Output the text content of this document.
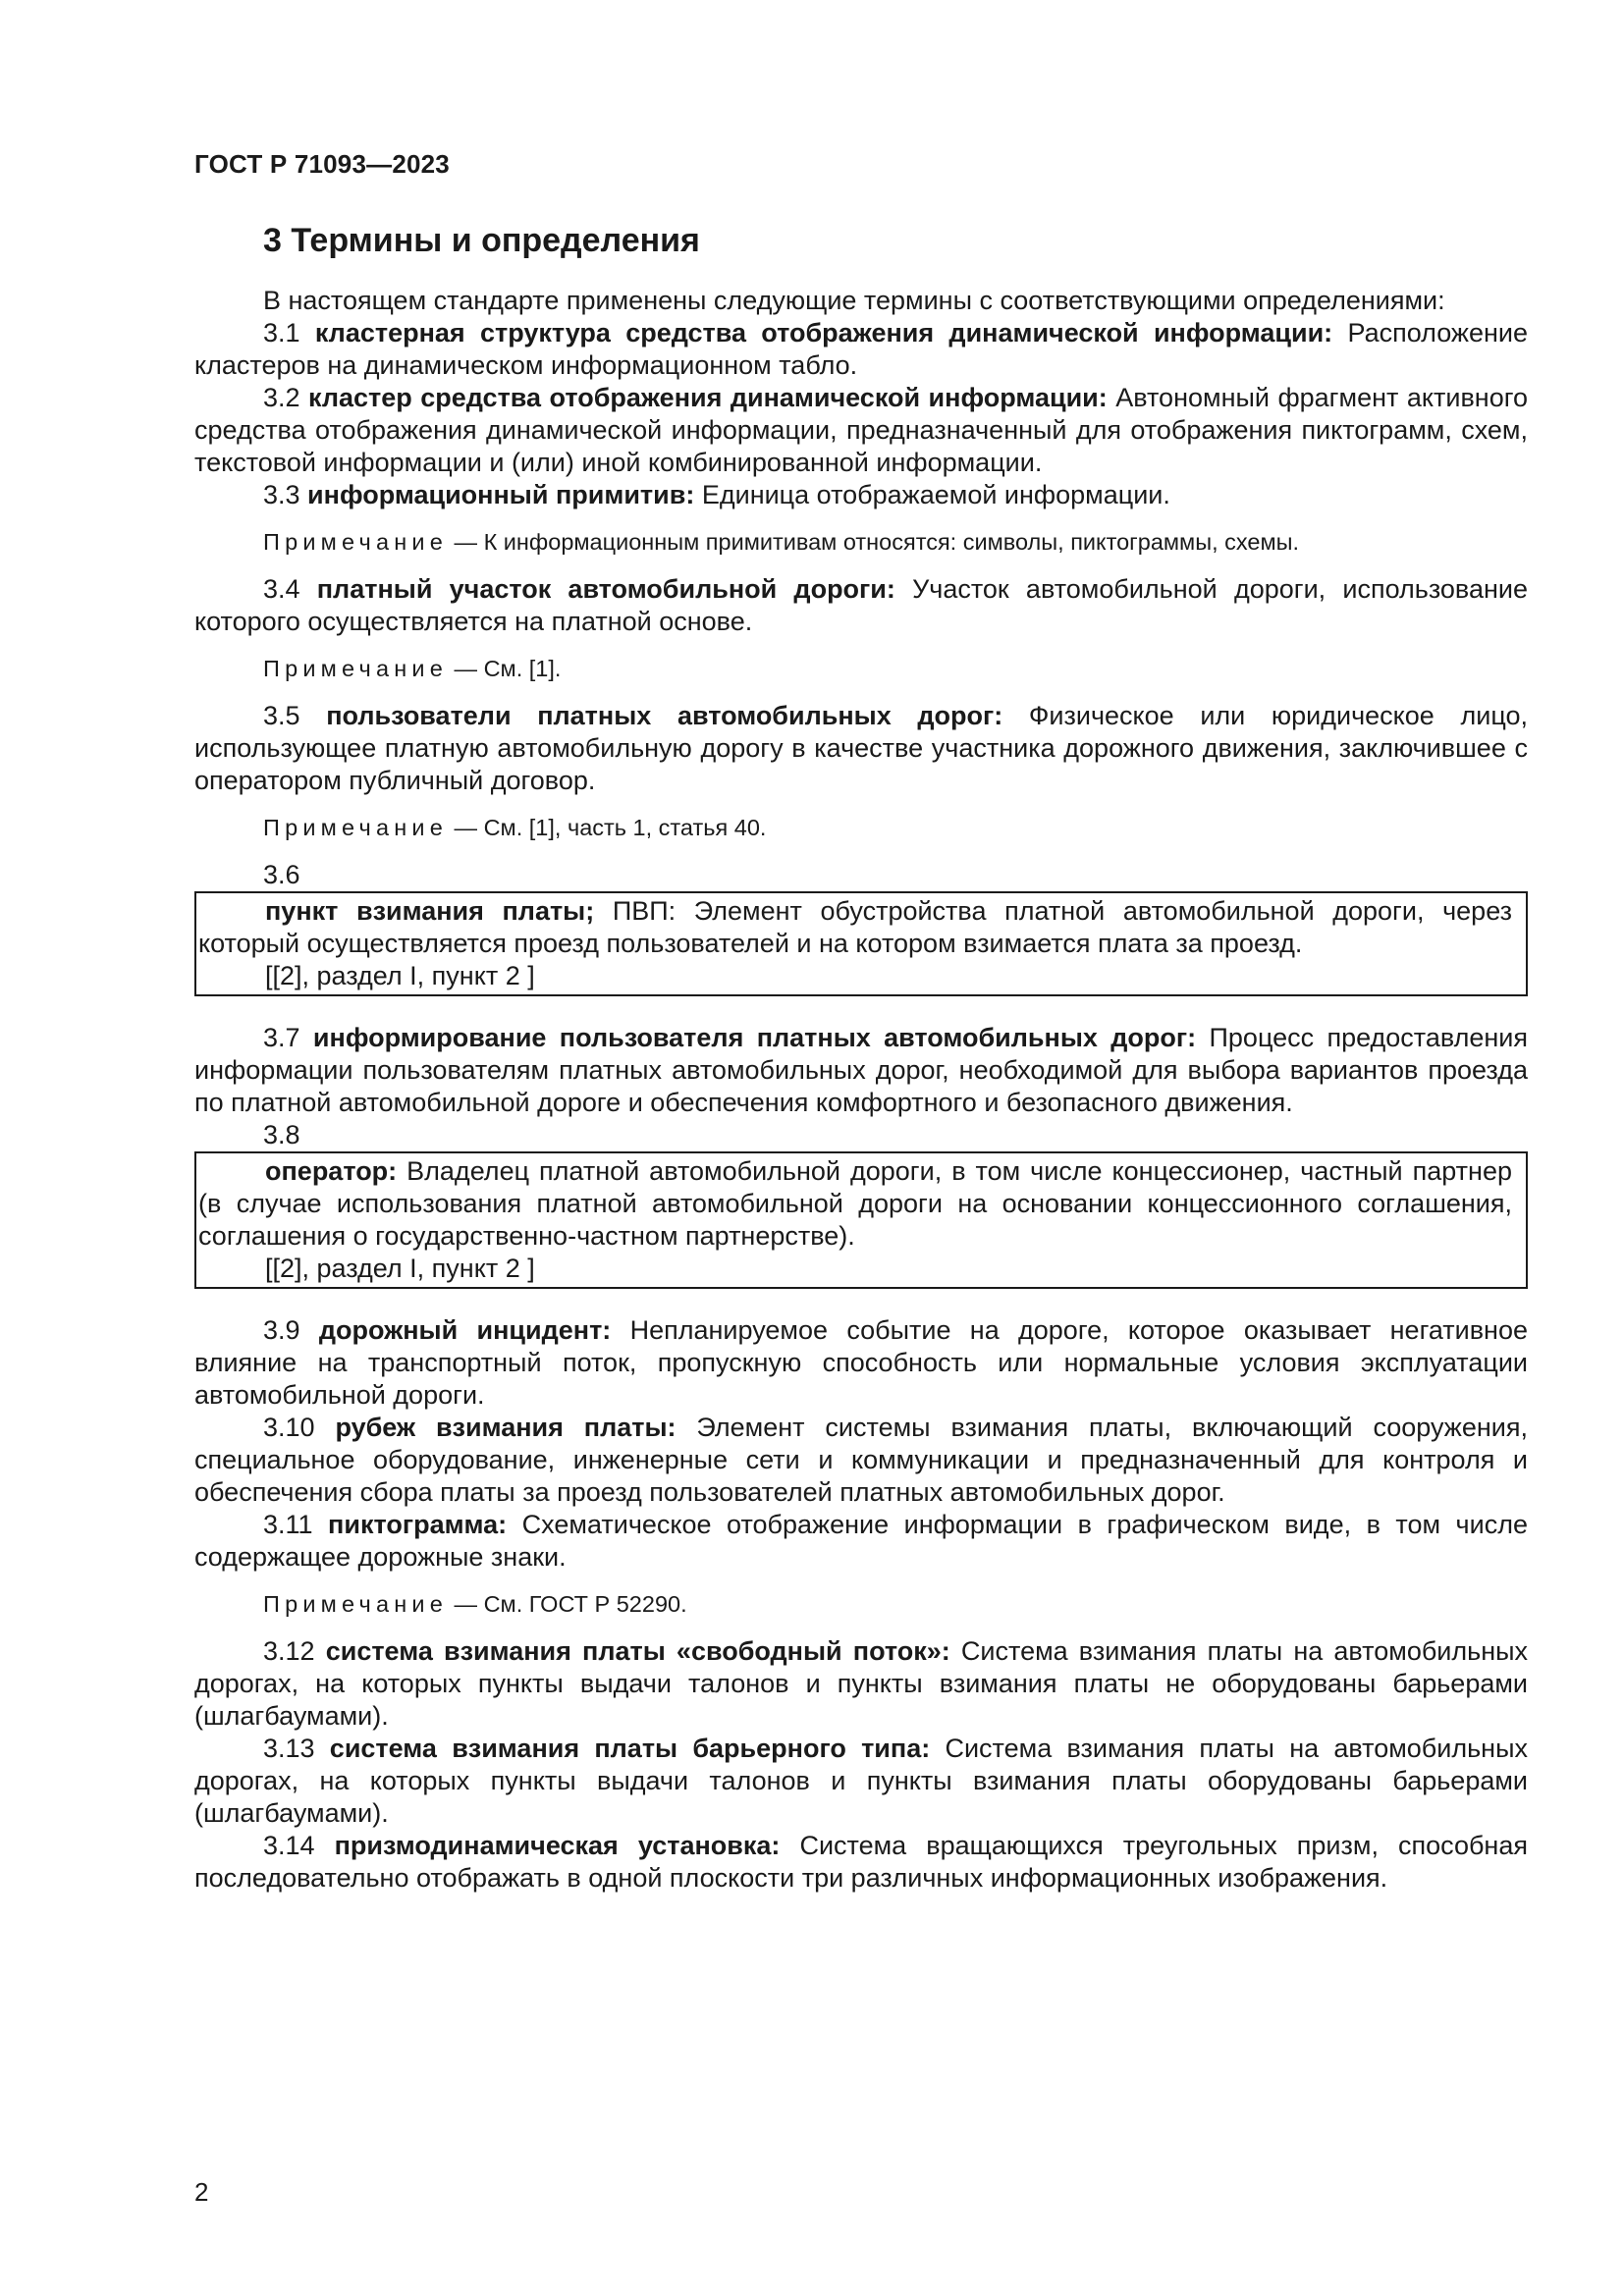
ГОСТ Р 71093—2023
3 Термины и определения

В настоящем стандарте применены следующие термины с соответствующими определениями:

3.1 кластерная структура средства отображения динамической информации: Расположение кластеров на динамическом информационном табло.

3.2 кластер средства отображения динамической информации: Автономный фрагмент активного средства отображения динамической информации, предназначенный для отображения пиктограмм, схем, текстовой информации и (или) иной комбинированной информации.

3.3 информационный примитив: Единица отображаемой информации.

Примечание — К информационным примитивам относятся: символы, пиктограммы, схемы.

3.4 платный участок автомобильной дороги: Участок автомобильной дороги, использование которого осуществляется на платной основе.

Примечание — См. [1].

3.5 пользователи платных автомобильных дорог: Физическое или юридическое лицо, использующее платную автомобильную дорогу в качестве участника дорожного движения, заключившее с оператором публичный договор.

Примечание — См. [1], часть 1, статья 40.

3.6

пункт взимания платы; ПВП: Элемент обустройства платной автомобильной дороги, через который осуществляется проезд пользователей и на котором взимается плата за проезд.

[[2], раздел I, пункт 2 ]

3.7 информирование пользователя платных автомобильных дорог: Процесс предоставления информации пользователям платных автомобильных дорог, необходимой для выбора вариантов проезда по платной автомобильной дороге и обеспечения комфортного и безопасного движения.

3.8

оператор: Владелец платной автомобильной дороги, в том числе концессионер, частный партнер (в случае использования платной автомобильной дороги на основании концессионного соглашения, соглашения о государственно-частном партнерстве).

[[2], раздел I, пункт 2 ]

3.9 дорожный инцидент: Непланируемое событие на дороге, которое оказывает негативное влияние на транспортный поток, пропускную способность или нормальные условия эксплуатации автомобильной дороги.

3.10 рубеж взимания платы: Элемент системы взимания платы, включающий сооружения, специальное оборудование, инженерные сети и коммуникации и предназначенный для контроля и обеспечения сбора платы за проезд пользователей платных автомобильных дорог.

3.11 пиктограмма: Схематическое отображение информации в графическом виде, в том числе содержащее дорожные знаки.

Примечание — См. ГОСТ Р 52290.

3.12 система взимания платы «свободный поток»: Система взимания платы на автомобильных дорогах, на которых пункты выдачи талонов и пункты взимания платы не оборудованы барьерами (шлагбаумами).

3.13 система взимания платы барьерного типа: Система взимания платы на автомобильных дорогах, на которых пункты выдачи талонов и пункты взимания платы оборудованы барьерами (шлагбаумами).

3.14 призмодинамическая установка: Система вращающихся треугольных призм, способная последовательно отображать в одной плоскости три различных информационных изображения.

2
